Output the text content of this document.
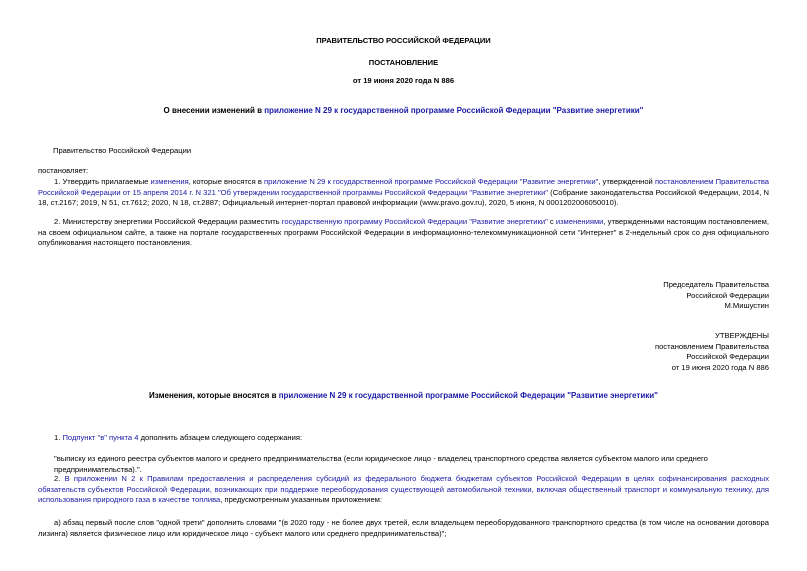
ПРАВИТЕЛЬСТВО РОССИЙСКОЙ ФЕДЕРАЦИИ
ПОСТАНОВЛЕНИЕ
от 19 июня 2020 года N 886
О внесении изменений в приложение N 29 к государственной программе Российской Федерации "Развитие энергетики"
Правительство Российской Федерации
постановляет:
1. Утвердить прилагаемые изменения, которые вносятся в приложение N 29 к государственной программе Российской Федерации "Развитие энергетики", утвержденной постановлением Правительства Российской Федерации от 15 апреля 2014 г. N 321 "Об утверждении государственной программы Российской Федерации "Развитие энергетики" (Собрание законодательства Российской Федерации, 2014, N 18, ст.2167; 2019, N 51, ст.7612; 2020, N 18, ст.2887; Официальный интернет-портал правовой информации (www.pravo.gov.ru), 2020, 5 июня, N 0001202006050010).
2. Министерству энергетики Российской Федерации разместить государственную программу Российской Федерации "Развитие энергетики" с изменениями, утвержденными настоящим постановлением, на своем официальном сайте, а также на портале государственных программ Российской Федерации в информационно-телекоммуникационной сети "Интернет" в 2-недельный срок со дня официального опубликования настоящего постановления.
Председатель Правительства
Российской Федерации
М.Мишустин
УТВЕРЖДЕНЫ
постановлением Правительства
Российской Федерации
от 19 июня 2020 года N 886
Изменения, которые вносятся в приложение N 29 к государственной программе Российской Федерации "Развитие энергетики"
1. Подпункт "в" пункта 4 дополнить абзацем следующего содержания:
"выписку из единого реестра субъектов малого и среднего предпринимательства (если юридическое лицо - владелец транспортного средства является субъектом малого или среднего предпринимательства).".
2. В приложении N 2 к Правилам предоставления и распределения субсидий из федерального бюджета бюджетам субъектов Российской Федерации в целях софинансирования расходных обязательств субъектов Российской Федерации, возникающих при поддержке переоборудования существующей автомобильной техники, включая общественный транспорт и коммунальную технику, для использования природного газа в качестве топлива, предусмотренным указанным приложением:
а) абзац первый после слов "одной трети" дополнить словами "(в 2020 году - не более двух третей, если владельцем переоборудованного транспортного средства (в том числе на основании договора лизинга) является физическое лицо или юридическое лицо - субъект малого или среднего предпринимательства)";
